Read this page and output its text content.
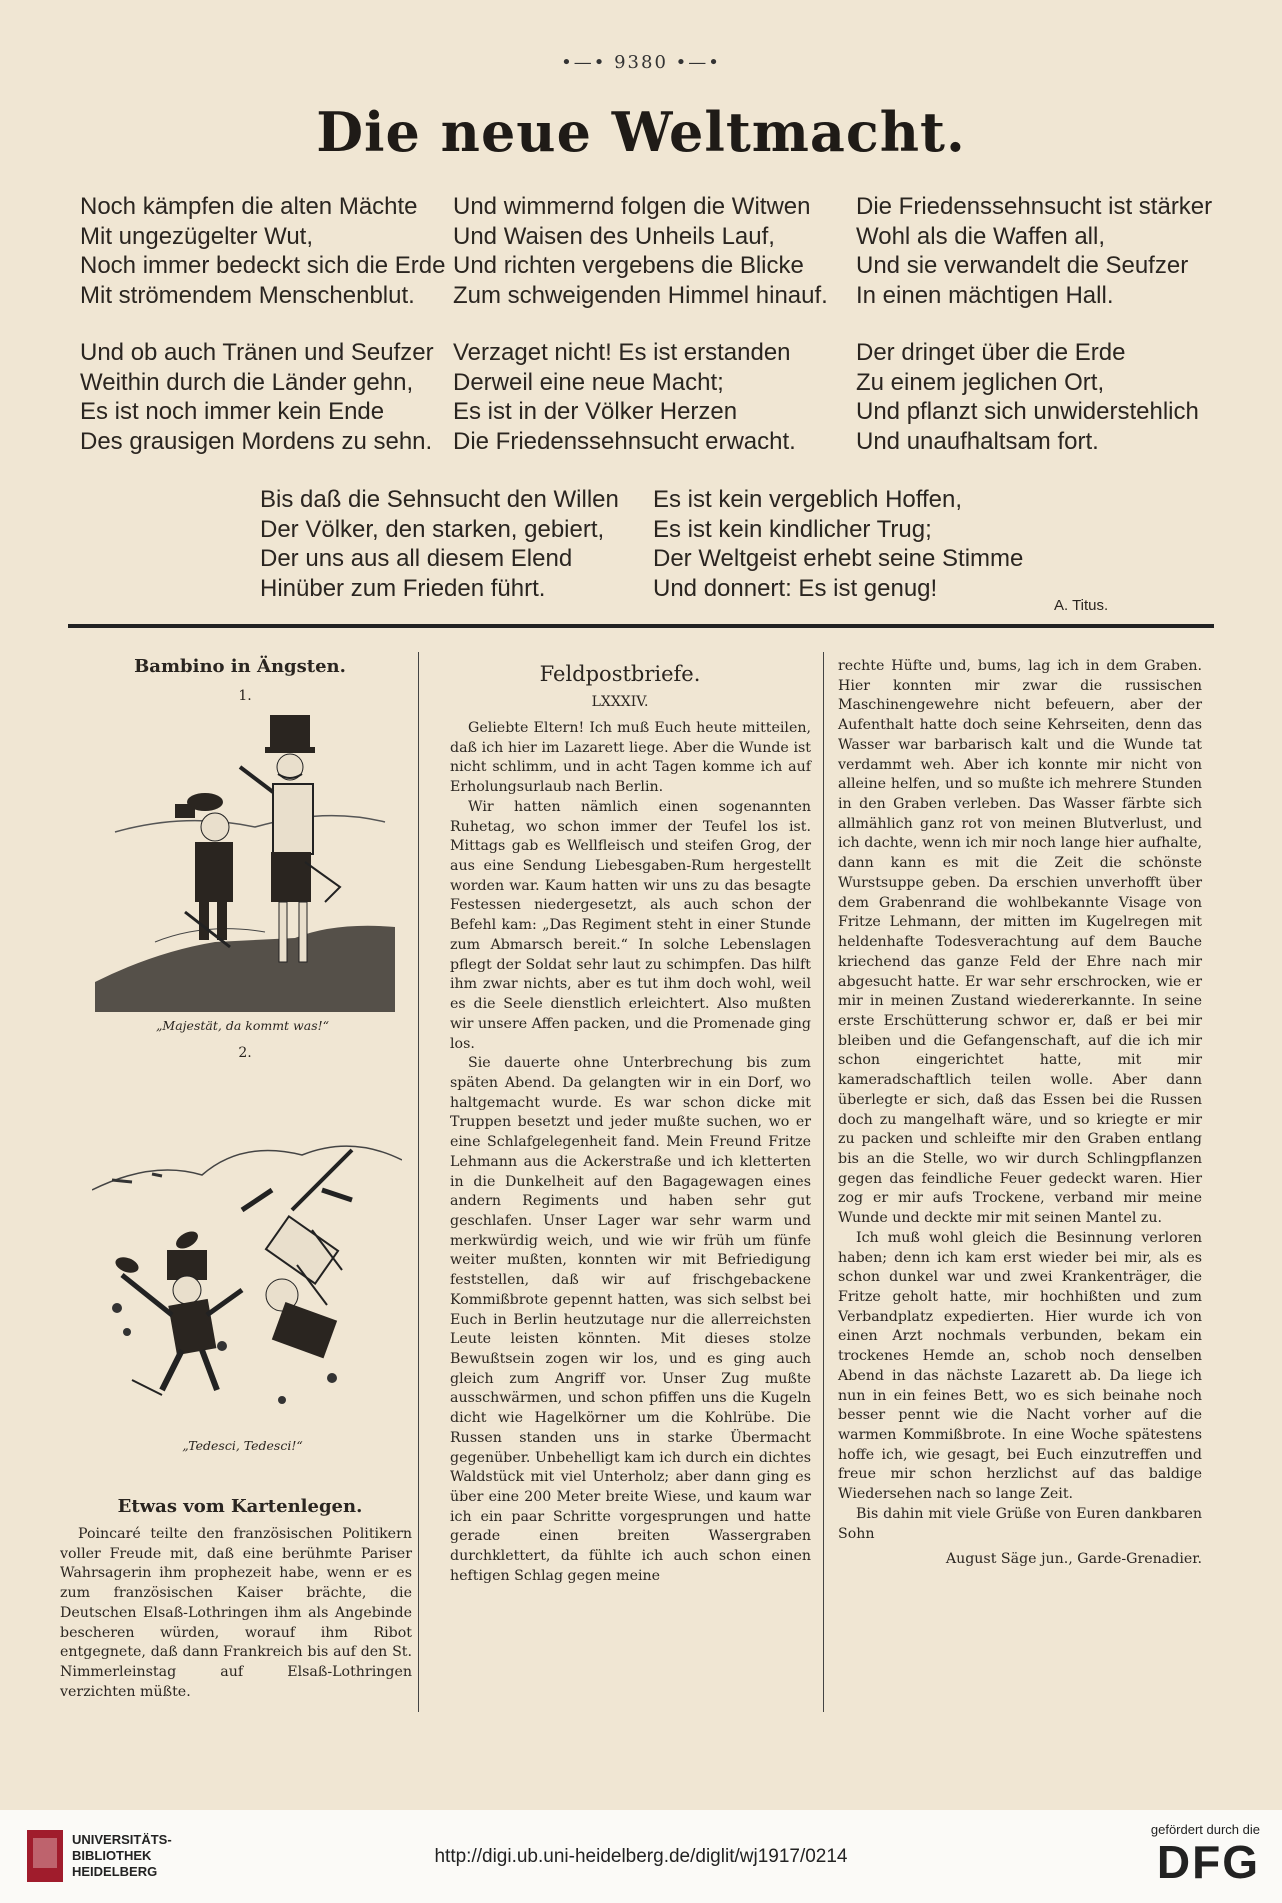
•—• 9380 •—•
Die neue Weltmacht.
Noch kämpfen die alten Mächte
Mit ungezügelter Wut,
Noch immer bedeckt sich die Erde
Mit strömendem Menschenblut.
Und wimmernd folgen die Witwen
Und Waisen des Unheils Lauf,
Und richten vergebens die Blicke
Zum schweigenden Himmel hinauf.
Die Friedenssehnsucht ist stärker
Wohl als die Waffen all,
Und sie verwandelt die Seufzer
In einen mächtigen Hall.
Und ob auch Tränen und Seufzer
Weithin durch die Länder gehn,
Es ist noch immer kein Ende
Des grausigen Mordens zu sehn.
Verzaget nicht! Es ist erstanden
Derweil eine neue Macht;
Es ist in der Völker Herzen
Die Friedenssehnsucht erwacht.
Der dringet über die Erde
Zu einem jeglichen Ort,
Und pflanzt sich unwiderstehlich
Und unaufhaltsam fort.
Bis daß die Sehnsucht den Willen
Der Völker, den starken, gebiert,
Der uns aus all diesem Elend
Hinüber zum Frieden führt.
Es ist kein vergeblich Hoffen,
Es ist kein kindlicher Trug;
Der Weltgeist erhebt seine Stimme
Und donnert: Es ist genug!
A. Titus.
Bambino in Ängsten.
1.
„Majestät, da kommt was!“
2.
„Tedesci, Tedesci!“
Etwas vom Kartenlegen.

Poincaré teilte den französischen Politikern voller Freude mit, daß eine berühmte Pariser Wahrsagerin ihm prophezeit habe, wenn er es zum französischen Kaiser brächte, die Deutschen Elsaß-Lothringen ihm als Angebinde bescheren würden, worauf ihm Ribot entgegnete, daß dann Frankreich bis auf den St. Nimmerleinstag auf Elsaß-Lothringen verzichten müßte.

Feldpostbriefe.
LXXXIV.

Geliebte Eltern! Ich muß Euch heute mitteilen, daß ich hier im Lazarett liege. Aber die Wunde ist nicht schlimm, und in acht Tagen komme ich auf Erholungsurlaub nach Berlin.

Wir hatten nämlich einen sogenannten Ruhetag, wo schon immer der Teufel los ist. Mittags gab es Wellfleisch und steifen Grog, der aus eine Sendung Liebesgaben-Rum hergestellt worden war. Kaum hatten wir uns zu das besagte Festessen niedergesetzt, als auch schon der Befehl kam: „Das Regiment steht in einer Stunde zum Abmarsch bereit.“ In solche Lebenslagen pflegt der Soldat sehr laut zu schimpfen. Das hilft ihm zwar nichts, aber es tut ihm doch wohl, weil es die Seele dienstlich erleichtert. Also mußten wir unsere Affen packen, und die Promenade ging los.

Sie dauerte ohne Unterbrechung bis zum späten Abend. Da gelangten wir in ein Dorf, wo haltgemacht wurde. Es war schon dicke mit Truppen besetzt und jeder mußte suchen, wo er eine Schlafgelegenheit fand. Mein Freund Fritze Lehmann aus die Ackerstraße und ich kletterten in die Dunkelheit auf den Bagagewagen eines andern Regiments und haben sehr gut geschlafen. Unser Lager war sehr warm und merkwürdig weich, und wie wir früh um fünfe weiter mußten, konnten wir mit Befriedigung feststellen, daß wir auf frischgebackene Kommißbrote gepennt hatten, was sich selbst bei Euch in Berlin heutzutage nur die allerreichsten Leute leisten könnten. Mit dieses stolze Bewußtsein zogen wir los, und es ging auch gleich zum Angriff vor. Unser Zug mußte ausschwärmen, und schon pfiffen uns die Kugeln dicht wie Hagelkörner um die Kohlrübe. Die Russen standen uns in starke Übermacht gegenüber. Unbehelligt kam ich durch ein dichtes Waldstück mit viel Unterholz; aber dann ging es über eine 200 Meter breite Wiese, und kaum war ich ein paar Schritte vorgesprungen und hatte gerade einen breiten Wassergraben durchklettert, da fühlte ich auch schon einen heftigen Schlag gegen meine

rechte Hüfte und, bums, lag ich in dem Graben. Hier konnten mir zwar die russischen Maschinengewehre nicht befeuern, aber der Aufenthalt hatte doch seine Kehrseiten, denn das Wasser war barbarisch kalt und die Wunde tat verdammt weh. Aber ich konnte mir nicht von alleine helfen, und so mußte ich mehrere Stunden in den Graben verleben. Das Wasser färbte sich allmählich ganz rot von meinen Blutverlust, und ich dachte, wenn ich mir noch lange hier aufhalte, dann kann es mit die Zeit die schönste Wurstsuppe geben. Da erschien unverhofft über dem Grabenrand die wohlbekannte Visage von Fritze Lehmann, der mitten im Kugelregen mit heldenhafte Todesverachtung auf dem Bauche kriechend das ganze Feld der Ehre nach mir abgesucht hatte. Er war sehr erschrocken, wie er mir in meinen Zustand wiedererkannte. In seine erste Erschütterung schwor er, daß er bei mir bleiben und die Gefangenschaft, auf die ich mir schon eingerichtet hatte, mit mir kameradschaftlich teilen wolle. Aber dann überlegte er sich, daß das Essen bei die Russen doch zu mangelhaft wäre, und so kriegte er mir zu packen und schleifte mir den Graben entlang bis an die Stelle, wo wir durch Schlingpflanzen gegen das feindliche Feuer gedeckt waren. Hier zog er mir aufs Trockene, verband mir meine Wunde und deckte mir mit seinen Mantel zu.

Ich muß wohl gleich die Besinnung verloren haben; denn ich kam erst wieder bei mir, als es schon dunkel war und zwei Krankenträger, die Fritze geholt hatte, mir hochhißten und zum Verbandplatz expedierten. Hier wurde ich von einen Arzt nochmals verbunden, bekam ein trockenes Hemde an, schob noch denselben Abend in das nächste Lazarett ab. Da liege ich nun in ein feines Bett, wo es sich beinahe noch besser pennt wie die Nacht vorher auf die warmen Kommißbrote. In eine Woche spätestens hoffe ich, wie gesagt, bei Euch einzutreffen und freue mir schon herzlichst auf das baldige Wiedersehen nach so lange Zeit.

Bis dahin mit viele Grüße von Euren dankbaren Sohn

August Säge jun., Garde-Grenadier.

UNIVERSITÄTS-
BIBLIOTHEK
HEIDELBERG
http://digi.ub.uni-heidelberg.de/diglit/wj1917/0214
gefördert durch die
DFG
